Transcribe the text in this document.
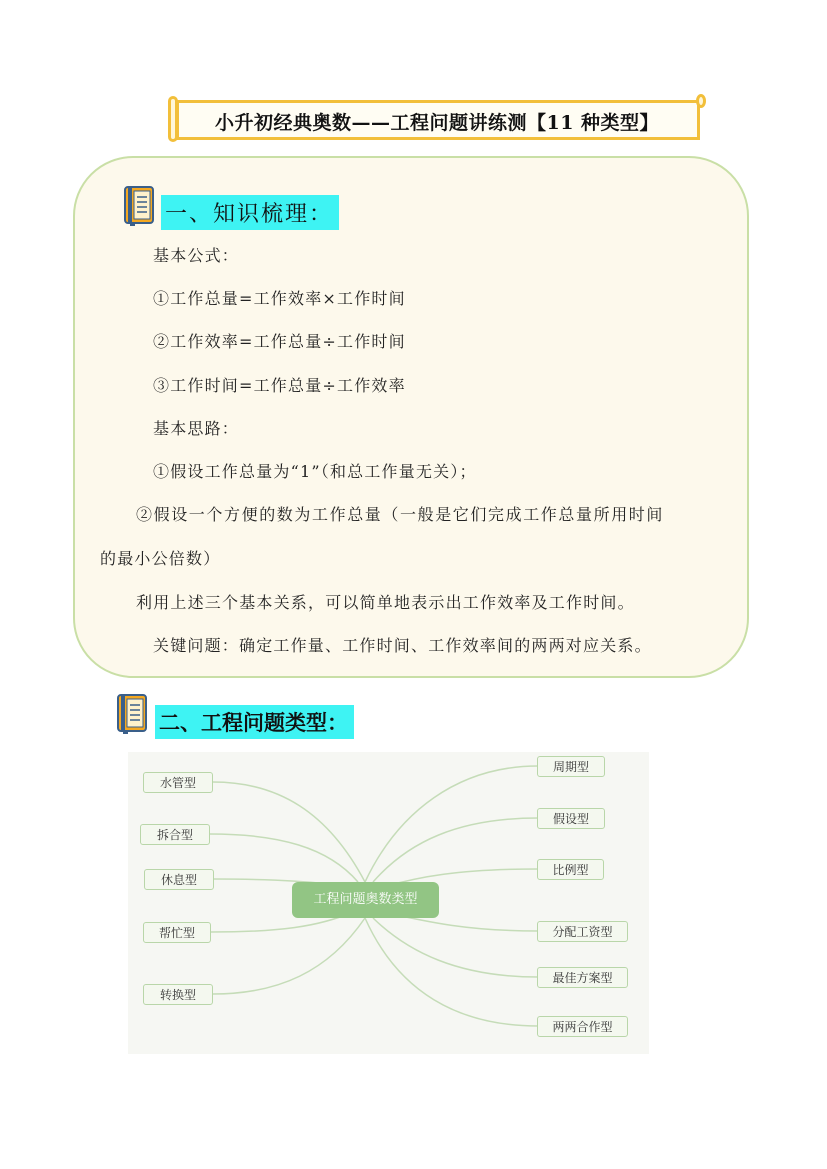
小升初经典奥数——工程问题讲练测【11 种类型】
一、知识梳理：
基本公式：
①工作总量=工作效率×工作时间
②工作效率=工作总量÷工作时间
③工作时间=工作总量÷工作效率
基本思路：
①假设工作总量为“1”（和总工作量无关）；
②假设一个方便的数为工作总量（一般是它们完成工作总量所用时间
的最小公倍数）
利用上述三个基本关系，可以简单地表示出工作效率及工作时间。
关键问题：确定工作量、工作时间、工作效率间的两两对应关系。
二、工程问题类型：
工程问题奥数类型
水管型
拆合型
休息型
帮忙型
转换型
周期型
假设型
比例型
分配工资型
最佳方案型
两两合作型
